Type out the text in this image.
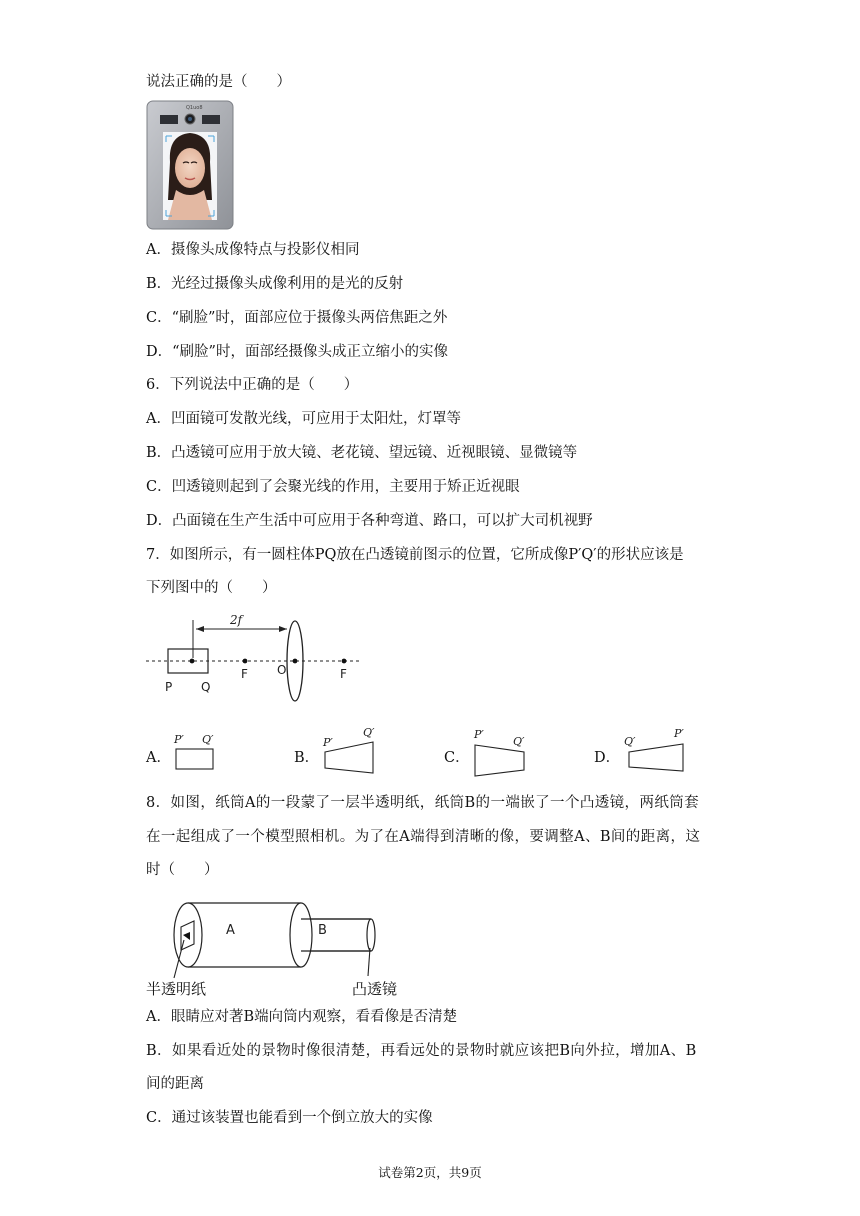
说法正确的是（　　）
Q1uo8
A．摄像头成像特点与投影仪相同
B．光经过摄像头成像利用的是光的反射
C．“刷脸”时，面部应位于摄像头两倍焦距之外
D．“刷脸”时，面部经摄像头成正立缩小的实像
6．下列说法中正确的是（　　）
A．凹面镜可发散光线，可应用于太阳灶，灯罩等
B．凸透镜可应用于放大镜、老花镜、望远镜、近视眼镜、显微镜等
C．凹透镜则起到了会聚光线的作用，主要用于矫正近视眼
D．凸面镜在生产生活中可应用于各种弯道、路口，可以扩大司机视野
7．如图所示，有一圆柱体PQ放在凸透镜前图示的位置，它所成像P′Q′的形状应该是
下列图中的（　　）
2f
P Q
F O	F
A．
P′ Q′
B．
P′
Q′
C．
P′
Q′
D．
Q′
P′
8．如图，纸筒A的一段蒙了一层半透明纸，纸筒B的一端嵌了一个凸透镜，两纸筒套
在一起组成了一个模型照相机。为了在A端得到清晰的像，要调整A、B间的距离，这
时（　　）
A	B
半透明纸	凸透镜
A．眼睛应对著B端向筒内观察，看看像是否清楚
B．如果看近处的景物时像很清楚，再看远处的景物时就应该把B向外拉，增加A、B
间的距离
C．通过该装置也能看到一个倒立放大的实像
试卷第2页，共9页
